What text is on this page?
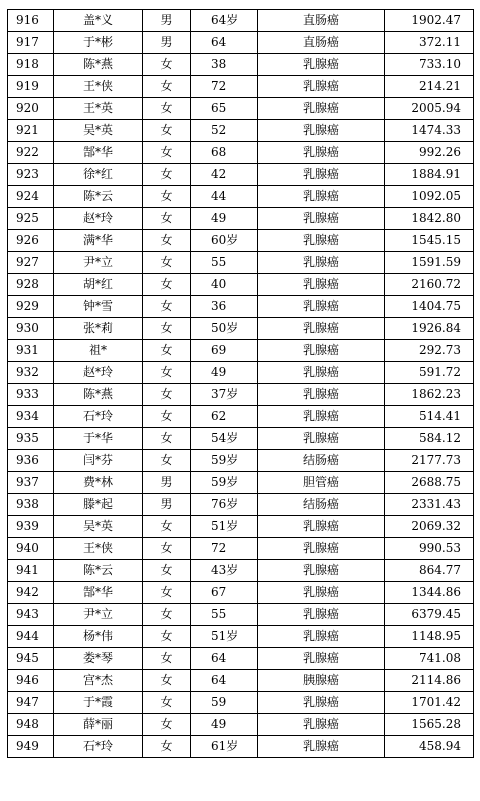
916	盖*义	男	64岁	直肠癌	1902.47
917	于*彬	男	64	直肠癌	372.11
918	陈*燕	女	38	乳腺癌	733.10
919	王*侠	女	72	乳腺癌	214.21
920	王*英	女	65	乳腺癌	2005.94
921	吴*英	女	52	乳腺癌	1474.33
922	郜*华	女	68	乳腺癌	992.26
923	徐*红	女	42	乳腺癌	1884.91
924	陈*云	女	44	乳腺癌	1092.05
925	赵*玲	女	49	乳腺癌	1842.80
926	满*华	女	60岁	乳腺癌	1545.15
927	尹*立	女	55	乳腺癌	1591.59
928	胡*红	女	40	乳腺癌	2160.72
929	钟*雪	女	36	乳腺癌	1404.75
930	张*莉	女	50岁	乳腺癌	1926.84
931	祖*	女	69	乳腺癌	292.73
932	赵*玲	女	49	乳腺癌	591.72
933	陈*燕	女	37岁	乳腺癌	1862.23
934	石*玲	女	62	乳腺癌	514.41
935	于*华	女	54岁	乳腺癌	584.12
936	闫*芬	女	59岁	结肠癌	2177.73
937	费*林	男	59岁	胆管癌	2688.75
938	滕*起	男	76岁	结肠癌	2331.43
939	吴*英	女	51岁	乳腺癌	2069.32
940	王*侠	女	72	乳腺癌	990.53
941	陈*云	女	43岁	乳腺癌	864.77
942	郜*华	女	67	乳腺癌	1344.86
943	尹*立	女	55	乳腺癌	6379.45
944	杨*伟	女	51岁	乳腺癌	1148.95
945	娄*琴	女	64	乳腺癌	741.08
946	宫*杰	女	64	胰腺癌	2114.86
947	于*霞	女	59	乳腺癌	1701.42
948	薛*丽	女	49	乳腺癌	1565.28
949	石*玲	女	61岁	乳腺癌	458.94
